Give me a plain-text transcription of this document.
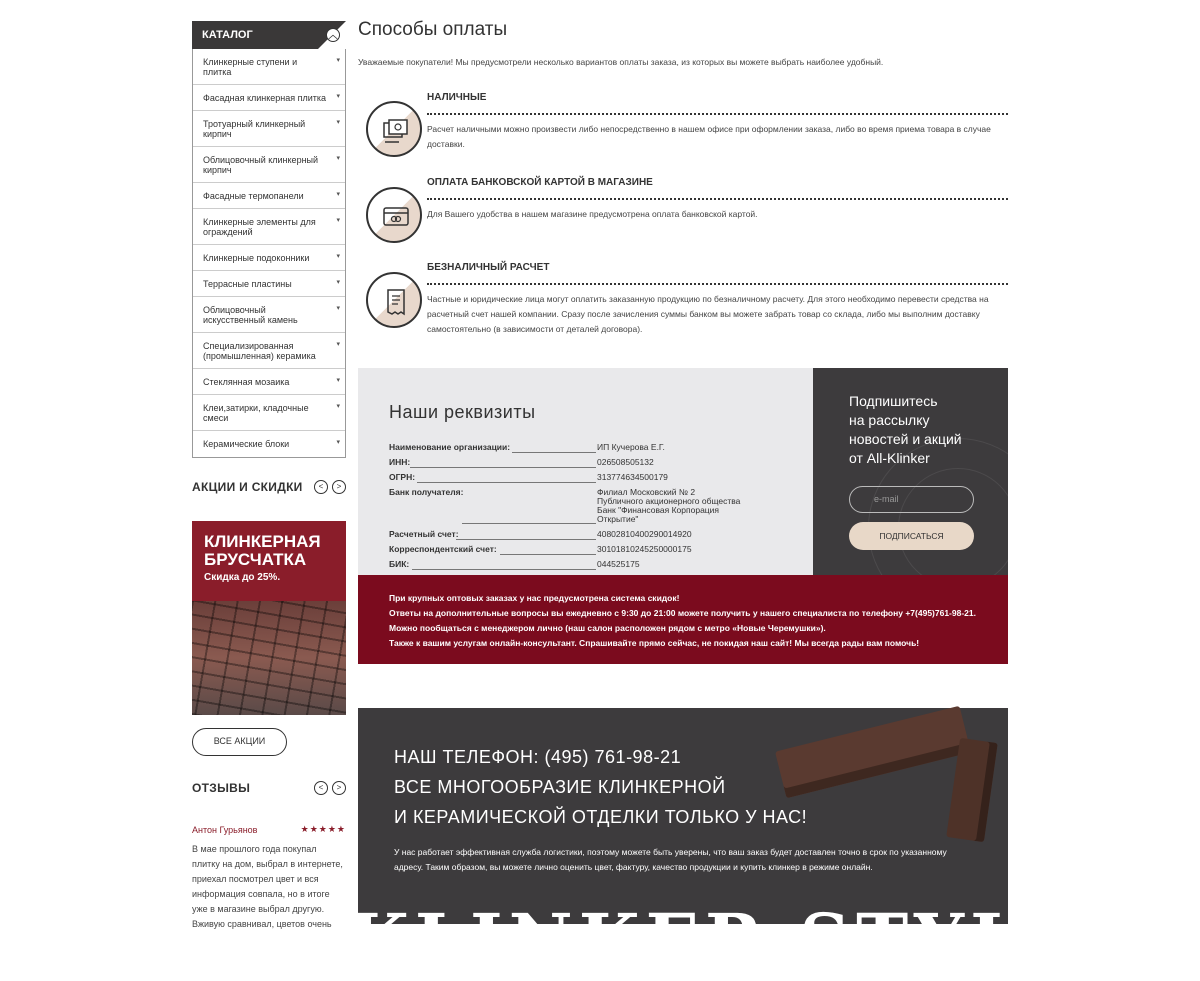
КАТАЛОГ	︿
Клинкерные ступени и плитка
▾
Фасадная клинкерная плитка ▾
Тротуарный клинкерный кирпич
▾
Облицовочный клинкерный кирпич
▾
Фасадные термопанели	▾
Клинкерные элементы для ограждений
▾
Клинкерные подоконники	▾
Террасные пластины	▾
Облицовочный искусственный камень
▾
Специализированная (промышленная) керамика
▾
Стеклянная мозаика	▾
Клеи,затирки, кладочные смеси
▾
Керамические блоки	▾
АКЦИИ И СКИДКИ	<	>
КЛИНКЕРНАЯ БРУСЧАТКА
Скидка до 25%.
ВСЕ АКЦИИ
ОТЗЫВЫ	<	>
Антон Гурьянов	★★★★★
В мае прошлого года покупал плитку на дом, выбрал в интернете, приехал посмотрел цвет и вся информация совпала, но в итоге уже в магазине выбрал другую. Вживую сравнивал, цветов очень
Способы оплаты

Уважаемые покупатели! Мы предусмотрели несколько вариантов оплаты заказа, из которых вы можете выбрать наиболее удобный.

НАЛИЧНЫЕ
Расчет наличными можно произвести либо непосредственно в нашем офисе при оформлении заказа, либо во время приема товара в случае доставки.
ОПЛАТА БАНКОВСКОЙ КАРТОЙ В МАГАЗИНЕ
Для Вашего удобства в нашем магазине предусмотрена оплата банковской картой.
БЕЗНАЛИЧНЫЙ РАСЧЕТ
Частные и юридические лица могут оплатить заказанную продукцию по безналичному расчету. Для этого необходимо перевести средства на расчетный счет нашей компании. Сразу после зачисления суммы банком вы можете забрать товар со склада, либо мы выполним доставку самостоятельно (в зависимости от деталей договора).
Наши реквизиты
Наименование организации:	ИП Кучерова Е.Г.
ИНН:	026508505132
ОГРН:	313774634500179
Банк получателя:	Филиал Московский № 2
Публичного акционерного общества
Банк "Финансовая Корпорация
Открытие"
Расчетный счет:	40802810400290014920
Корреспондентский счет:	30101810245250000175
БИК:	044525175
Подпишитесь
на рассылку
новостей и акций
от All-Klinker
e-mail
ПОДПИСАТЬСЯ
При крупных оптовых заказах у нас предусмотрена система скидок!
Ответы на дополнительные вопросы вы ежедневно с 9:30 до 21:00 можете получить у нашего специалиста по телефону +7(495)761-98-21.
Можно пообщаться с менеджером лично (наш салон расположен рядом с метро «Новые Черемушки»).
Также к вашим услугам онлайн-консультант. Спрашивайте прямо сейчас, не покидая наш сайт! Мы всегда рады вам помочь!
НАШ ТЕЛЕФОН: (495) 761-98-21
ВСЕ МНОГООБРАЗИЕ КЛИНКЕРНОЙ
И КЕРАМИЧЕСКОЙ ОТДЕЛКИ ТОЛЬКО У НАС!
У нас работает эффективная служба логистики, поэтому можете быть уверены, что ваш заказ будет доставлен точно в срок по указанному адресу. Таким образом, вы можете лично оценить цвет, фактуру, качество продукции и купить клинкер в режиме онлайн.
KLINKER STYLE
